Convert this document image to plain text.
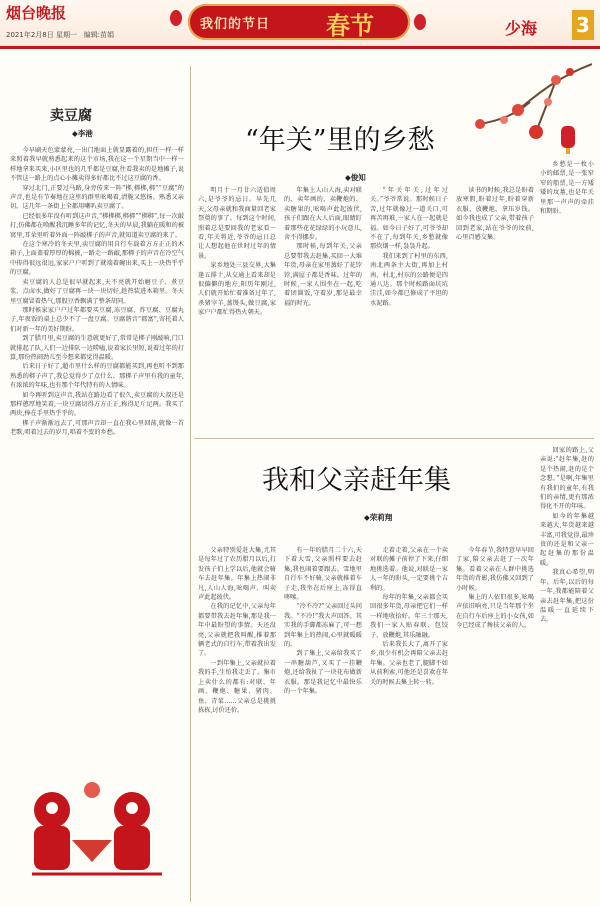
烟台晚报
2021年2月8日 星期一 编辑:苗娟
我们的节日 春节	少海 3
卖豆腐
◆李港

今早刷天色蒙蒙亮,一出门地面上就显露着的,担任一样一样来照着我早就熟悉起来的这个市场,我在这一个星期当中一样一样地拿来买来,小区里也的几乎都是豆腐,往看我卖的是地摊子,说不管这一路上的点心小摊卖得多好都比不过这豆腐的香。

穿过北门,正要过马路,身旁传来一阵“梆,梆梆,梆”“豆腐”的声音,也是有节奏地在这里的群里吆喝着,清脆又悠扬。熟悉又亲切。这几年一条街上全都用喇叭卖豆腐了。

已经很多年没有听到这声音,“梆梆梆,梆梆”“梆梆”,每一次敲打,仿佛都在唤醒我沉睡多年的记忆,冬天的早晨,我躺在暖和的被窝里,耳朵里听着外面一阵敲梆子的声音,就知道卖豆腐的来了。

在这个寒冷的冬天里,卖豆腐的用自行车载着方方正正的木箱子,上面盖着厚厚的棉被,一路走一路敲,那梆子的声音在冷空气中传得很远很远,家家户户听到了就端着碗出来,买上一块热乎乎的豆腐。

卖豆腐的人总是很早就起来,天不亮就开始磨豆子、煮豆浆、点卤水,做好了豆腐再一块一块切好,趁热装进木箱里。冬天里豆腐冒着热气,那股豆香飘满了整条胡同。

那时候家家户户过年都要买豆腐,冻豆腐、炸豆腐、豆腐丸子,年夜饭的桌上总少不了一盘豆腐。豆腐谐音“都富”,寄托着人们对新一年的美好期盼。

到了腊月里,卖豆腐的生意就更好了,常常是梆子刚敲响,门口就排起了队,人们一边排队一边唠嗑,说着家长里短,说着过年的打算,那份热闹劲儿至今想来都觉得温暖。

后来日子好了,超市里什么样的豆腐都能买到,再也听不到那熟悉的梆子声了,我总觉得少了点什么。那梆子声里有我的童年,有浓浓的年味,也有那个年代特有的人情味。

如今再听到这声音,我站在路边看了很久,卖豆腐的大叔还是那样憨厚地笑着,一块豆腐切得方方正正,称得足斤足两。我买了两块,捧在手里热乎乎的。

梆子声渐渐远去了,可那声音却一直在我心里回荡,就像一首老歌,唱着过去的岁月,唱着不变的乡愁。

“年关”里的乡愁
◆俊知

明月十一月廿六适值周六,是爷爷的忌日。早先几天,父母亲就和我商量回老家祭奠的事了。每到这个时间,照着总是要回我的老家看一看,年关将近,爷爷的忌日总让人想起他在世时过年的情景。

家乡地处三县交界,大集逢五排十,从交通上看来却是很偏僻的地方,阳历年刚过,人们就开始忙着准备过年了,杀猪宰羊,蒸馒头,做豆腐,家家户户都忙得热火朝天。

年集上人山人海,卖对联的、卖年画的、卖鞭炮的、卖糖果的,吆喝声此起彼伏,孩子们跟在大人后面,眼睛盯着那些花花绿绿的小玩意儿,舍不得挪步。

那时候,每到年关,父亲总要带我去赶集,买回一大堆年货,母亲在家里蒸好了花饽饽,满屋子都是香味。过年的时候,一家人围坐在一起,吃着团圆饭,守着岁,那是最幸福的时光。

“年关年关,过年过关。”爷爷常说。那时候日子苦,过年就像过一道关口,可再苦再难,一家人在一起就是福。如今日子好了,可爷爷却不在了,每到年关,乡愁就像那炊烟一样,袅袅升起。

我们来到了村里的东西,南北两条主大街,再加上村南、村北,村东的公路便是四通八达。那个时候路面坑坑洼洼,如今都已修成了平坦的水泥路。

读书的时候,我总是盼着放寒假,盼着过年,盼着穿新衣服、放鞭炮、拿压岁钱。如今我也成了父亲,带着孩子回到老家,站在爷爷的坟前,心里百感交集。

乡愁是一枚小小的邮票,是一张窄窄的船票,是一方矮矮的坟墓,也是年关里那一声声的牵挂和期盼。

我和父亲赶年集
◆荣莉翔

父亲特别爱赶大集,尤其是每年过了农历腊月以后,打发孩子们上学以后,他就会骑车去赶年集。年集上热闹非凡,人山人海,吆喝声、叫卖声此起彼伏。

在我的记忆中,父亲每年都要带我去赶年集,那是我一年中最盼望的事情。天还没亮,父亲就把我叫醒,推着那辆老式的自行车,带着我出发了。

一到年集上,父亲就拉着我的手,生怕我走丢了。集市上卖什么的都有:对联、年画、鞭炮、糖果、猪肉、鱼、青菜……父亲总是挑挑拣拣,讨价还价。

有一年的腊月二十六,天下着大雪,父亲照样要去赶集,我也闹着要跟去。雪地里自行车不好骑,父亲就推着车子走,我坐在后座上,冻得直哆嗦。

“冷不冷?”父亲回过头问我。“不冷!”我大声回答。其实我的手脚都冻麻了,可一想到年集上的热闹,心里就暖暖的。

到了集上,父亲给我买了一串糖葫芦,又买了一挂鞭炮,还给我扯了一块花布做新衣服。那是我记忆中最快乐的一个年集。

走着走着,父亲在一个卖对联的摊子前停了下来,仔细地挑选着。他说,对联是一家人一年的盼头,一定要挑个吉利的。

每年的年集,父亲都会买回很多年货,母亲把它们一样一样地收拾好。年三十那天,我们一家人贴春联、包饺子、放鞭炮,其乐融融。

后来我长大了,离开了家乡,很少有机会再陪父亲去赶年集。父亲也老了,腿脚不如从前利索,可他还是喜欢在年关的时候去集上转一转。

今年春节,我特意早早回了家,陪父亲去赶了一次年集。看着父亲在人群中挑选年货的背影,我仿佛又回到了小时候。

集上的人依旧很多,吆喝声依旧响亮,只是当年那个坐在自行车后座上的小女孩,如今已经成了搀扶父亲的人。

回家的路上,父亲说:“赶年集,赶的是个热闹,赶的是个念想。”是啊,年集里有我们的童年,有我们的亲情,更有那浓得化不开的年味。

如今的年集越来越大,年货越来越丰富,可我觉得,最珍贵的还是和父亲一起赶集的那份温暖。

我真心希望,明年、后年,以后的每一年,我都能陪着父亲去赶年集,把这份温暖一直延续下去。
